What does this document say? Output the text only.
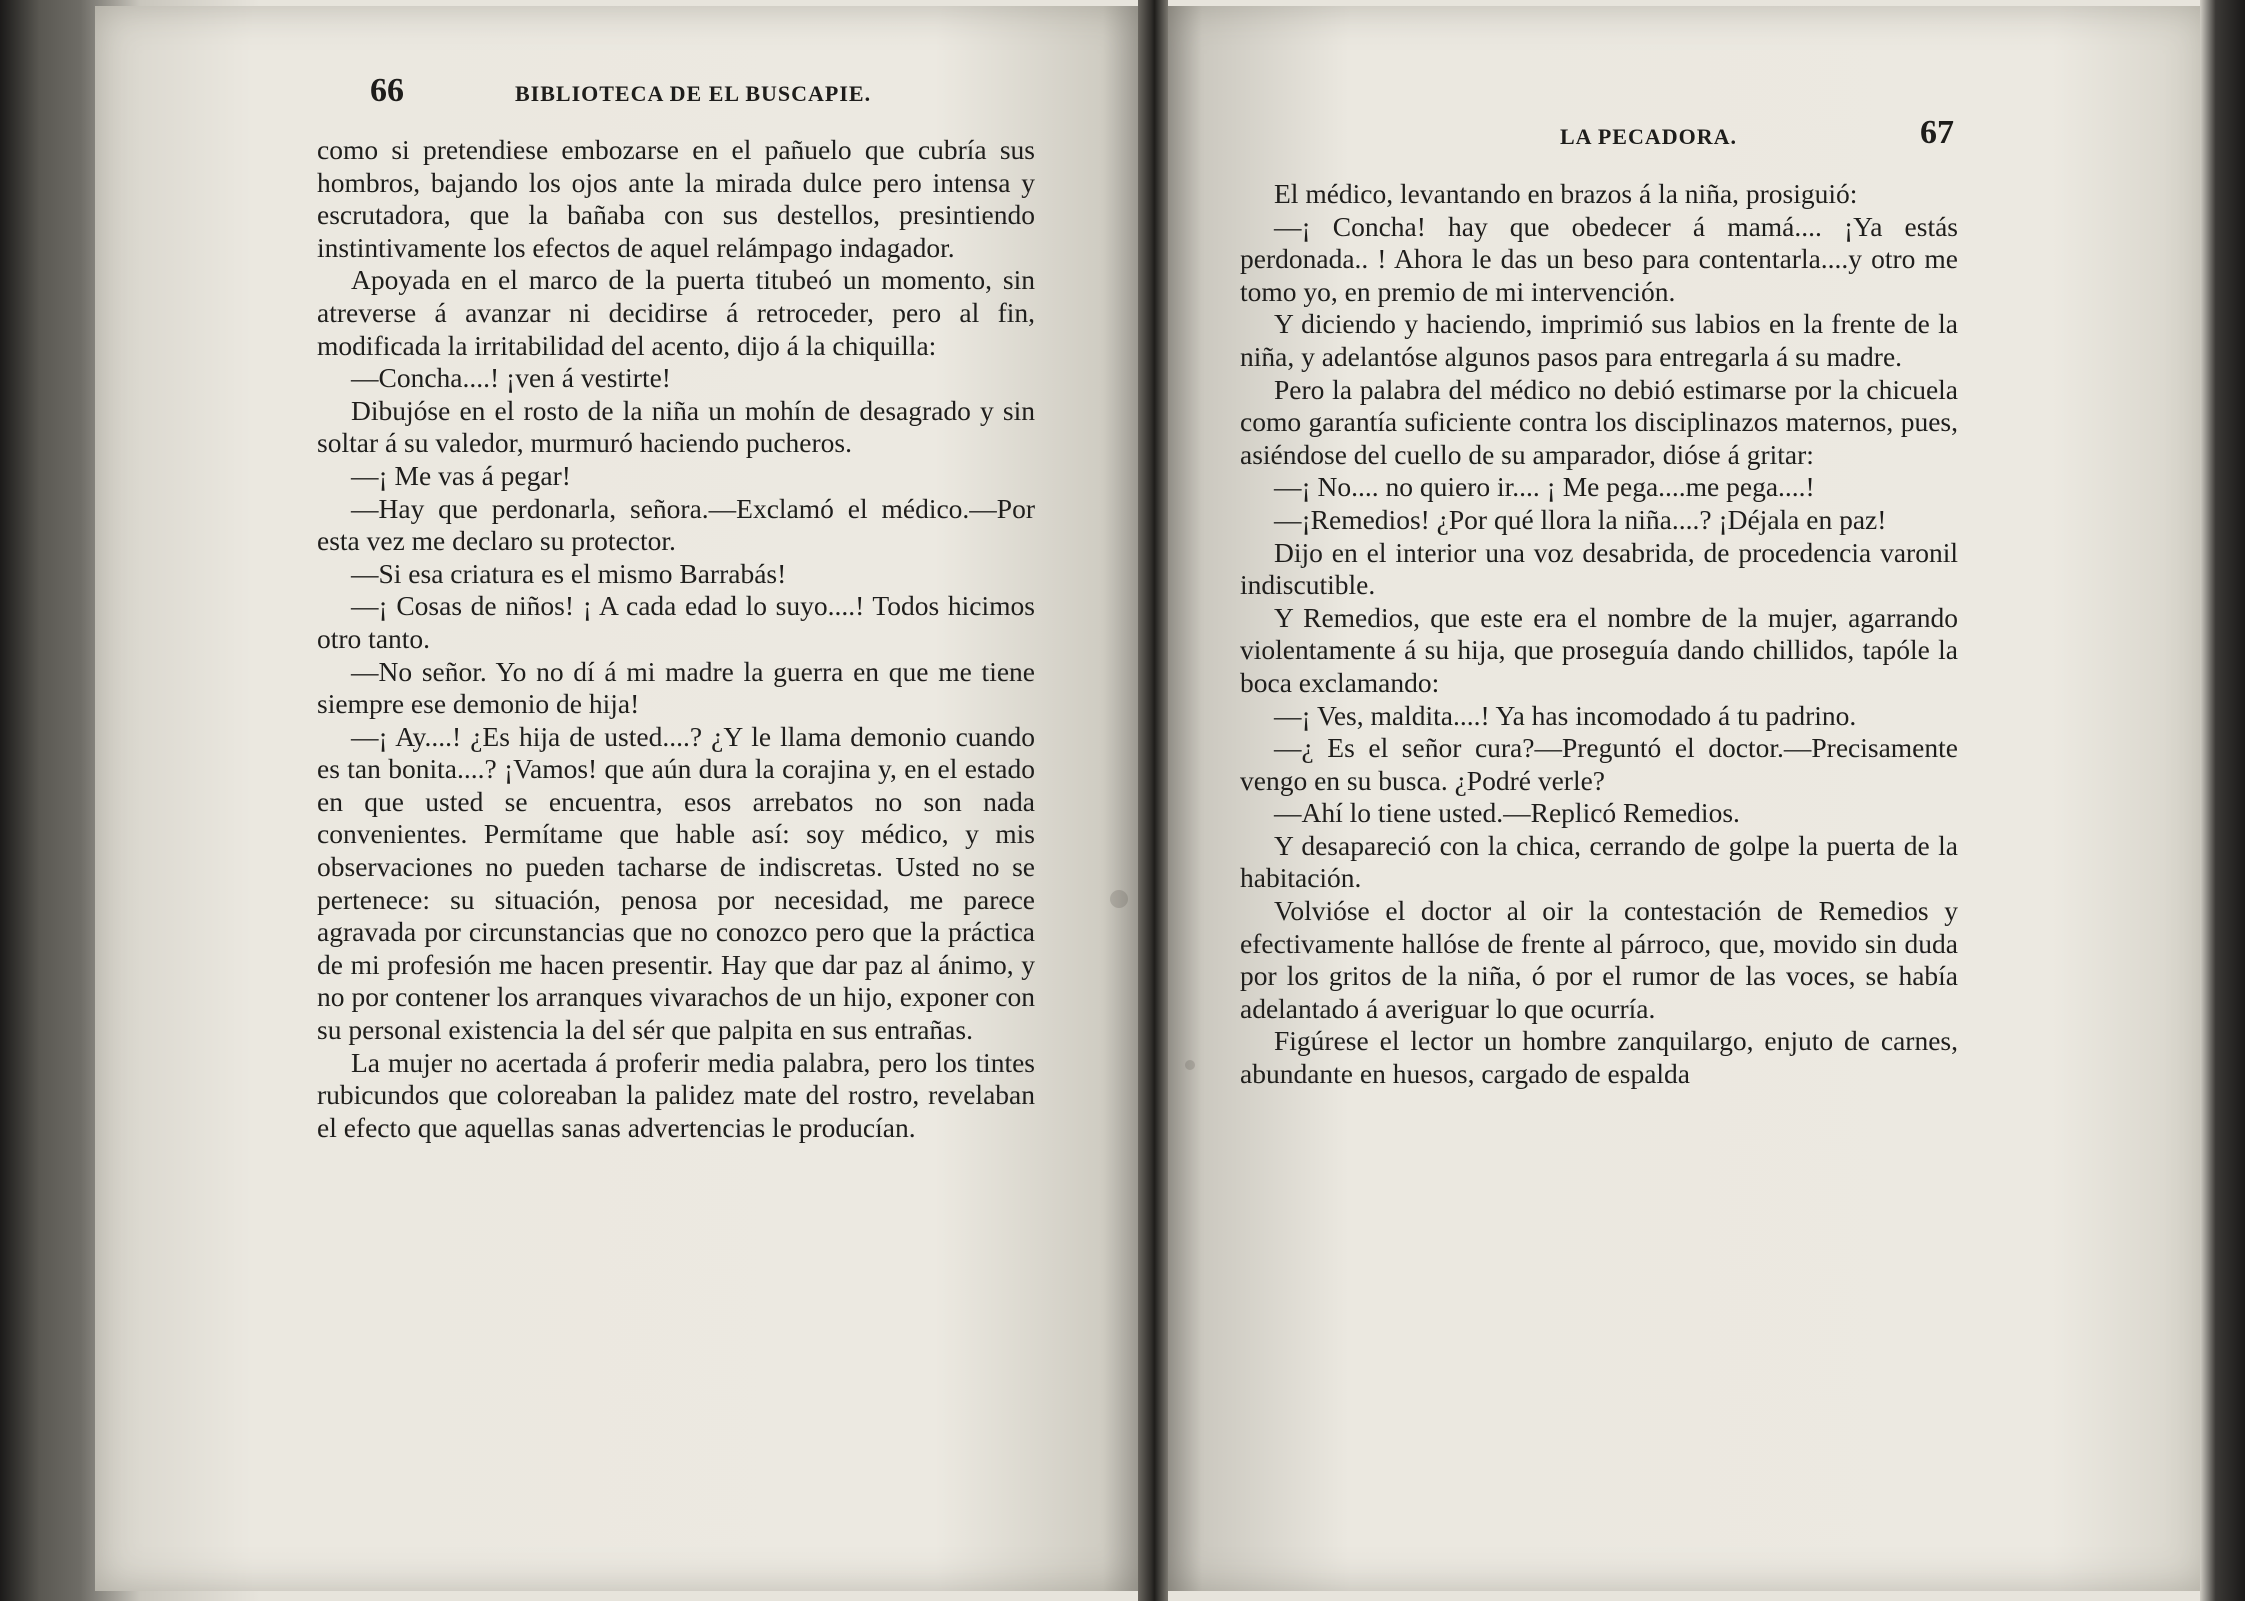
66	BIBLIOTECA DE EL BUSCAPIE.

como si pretendiese embozarse en el pañuelo que cubría sus hombros, bajando los ojos ante la mirada dulce pero intensa y escrutadora, que la bañaba con sus destellos, presintiendo instintivamente los efectos de aquel relámpago indagador.

Apoyada en el marco de la puerta titubeó un momento, sin atreverse á avanzar ni decidirse á retroceder, pero al fin, modificada la irritabilidad del acento, dijo á la chiquilla:

—Concha....! ¡ven á vestirte!

Dibujóse en el rosto de la niña un mohín de desagrado y sin soltar á su valedor, murmuró haciendo pucheros.

—¡ Me vas á pegar!

—Hay que perdonarla, señora.—Exclamó el médico.—Por esta vez me declaro su protector.

—Si esa criatura es el mismo Barrabás!

—¡ Cosas de niños! ¡ A cada edad lo suyo....! Todos hicimos otro tanto.

—No señor. Yo no dí á mi madre la guerra en que me tiene siempre ese demonio de hija!

—¡ Ay....! ¿Es hija de usted....? ¿Y le llama demonio cuando es tan bonita....? ¡Vamos! que aún dura la corajina y, en el estado en que usted se encuentra, esos arrebatos no son nada convenientes. Permítame que hable así: soy médico, y mis observaciones no pueden tacharse de indiscretas. Usted no se pertenece: su situación, penosa por necesidad, me parece agravada por circunstancias que no conozco pero que la práctica de mi profesión me hacen presentir. Hay que dar paz al ánimo, y no por contener los arranques vivarachos de un hijo, exponer con su personal existencia la del sér que palpita en sus entrañas.

La mujer no acertada á proferir media palabra, pero los tintes rubicundos que coloreaban la palidez mate del rostro, revelaban el efecto que aquellas sanas advertencias le producían.

LA PECADORA.	67

El médico, levantando en brazos á la niña, prosiguió:

—¡ Concha! hay que obedecer á mamá.... ¡Ya estás perdonada.. ! Ahora le das un beso para contentarla....y otro me tomo yo, en premio de mi intervención.

Y diciendo y haciendo, imprimió sus labios en la frente de la niña, y adelantóse algunos pasos para entregarla á su madre.

Pero la palabra del médico no debió estimarse por la chicuela como garantía suficiente contra los disciplinazos maternos, pues, asiéndose del cuello de su amparador, dióse á gritar:

—¡ No.... no quiero ir.... ¡ Me pega....me pega....!

—¡Remedios! ¿Por qué llora la niña....? ¡Déjala en paz!

Dijo en el interior una voz desabrida, de procedencia varonil indiscutible.

Y Remedios, que este era el nombre de la mujer, agarrando violentamente á su hija, que proseguía dando chillidos, tapóle la boca exclamando:

—¡ Ves, maldita....! Ya has incomodado á tu padrino.

—¿ Es el señor cura?—Preguntó el doctor.—Precisamente vengo en su busca. ¿Podré verle?

—Ahí lo tiene usted.—Replicó Remedios.

Y desapareció con la chica, cerrando de golpe la puerta de la habitación.

Volvióse el doctor al oir la contestación de Remedios y efectivamente hallóse de frente al párroco, que, movido sin duda por los gritos de la niña, ó por el rumor de las voces, se había adelantado á averiguar lo que ocurría.

Figúrese el lector un hombre zanquilargo, enjuto de carnes, abundante en huesos, cargado de espalda
